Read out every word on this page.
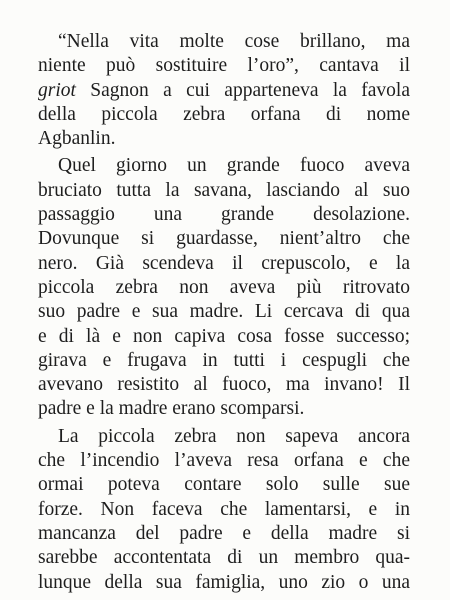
“Nella vita molte cose brillano, ma
niente può sostituire l’oro”, cantava il
griot Sagnon a cui apparteneva la favola
della piccola zebra orfana di nome
Agbanlin.
Quel giorno un grande fuoco aveva
bruciato tutta la savana, lasciando al suo
passaggio una grande desolazione.
Dovunque si guardasse, nient’altro che
nero. Già scendeva il crepuscolo, e la
piccola zebra non aveva più ritrovato
suo padre e sua madre. Li cercava di qua
e di là e non capiva cosa fosse successo;
girava e frugava in tutti i cespugli che
avevano resistito al fuoco, ma invano! Il
padre e la madre erano scomparsi.
La piccola zebra non sapeva ancora
che l’incendio l’aveva resa orfana e che
ormai poteva contare solo sulle sue
forze. Non faceva che lamentarsi, e in
mancanza del padre e della madre si
sarebbe accontentata di un membro qua-
lunque della sua famiglia, uno zio o una
